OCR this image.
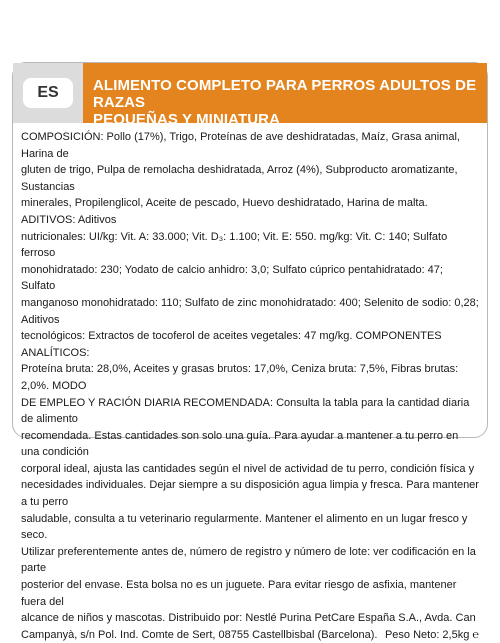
ES	ALIMENTO COMPLETO PARA PERROS ADULTOS DE RAZAS
PEQUEÑAS Y MINIATURA
COMPOSICIÓN: Pollo (17%), Trigo, Proteínas de ave deshidratadas, Maíz, Grasa animal, Harina de
gluten de trigo, Pulpa de remolacha deshidratada, Arroz (4%), Subproducto aromatizante, Sustancias
minerales, Propilenglicol, Aceite de pescado, Huevo deshidratado, Harina de malta. ADITIVOS: Aditivos
nutricionales: UI/kg: Vit. A: 33.000; Vit. D₃: 1.100; Vit. E: 550. mg/kg: Vit. C: 140; Sulfato ferroso
monohidratado: 230; Yodato de calcio anhidro: 3,0; Sulfato cúprico pentahidratado: 47; Sulfato
manganoso monohidratado: 110; Sulfato de zinc monohidratado: 400; Selenito de sodio: 0,28; Aditivos
tecnológicos: Extractos de tocoferol de aceites vegetales: 47 mg/kg. COMPONENTES ANALÍTICOS:
Proteína bruta: 28,0%, Aceites y grasas brutos: 17,0%, Ceniza bruta: 7,5%, Fibras brutas: 2,0%. MODO
DE EMPLEO Y RACIÓN DIARIA RECOMENDADA: Consulta la tabla para la cantidad diaria de alimento
recomendada. Estas cantidades son solo una guía. Para ayudar a mantener a tu perro en una condición
corporal ideal, ajusta las cantidades según el nivel de actividad de tu perro, condición física y
necesidades individuales. Dejar siempre a su disposición agua limpia y fresca. Para mantener a tu perro
saludable, consulta a tu veterinario regularmente. Mantener el alimento en un lugar fresco y seco.
Utilizar preferentemente antes de, número de registro y número de lote: ver codificación en la parte
posterior del envase. Esta bolsa no es un juguete. Para evitar riesgo de asfixia, mantener fuera del
alcance de niños y mascotas. Distribuido por: Nestlé Purina PetCare España S.A., Avda. Can
Campanyà, s/n Pol. Ind. Comte de Sert, 08755 Castellbisbal (Barcelona). Peso Neto: 2,5kg ℮
